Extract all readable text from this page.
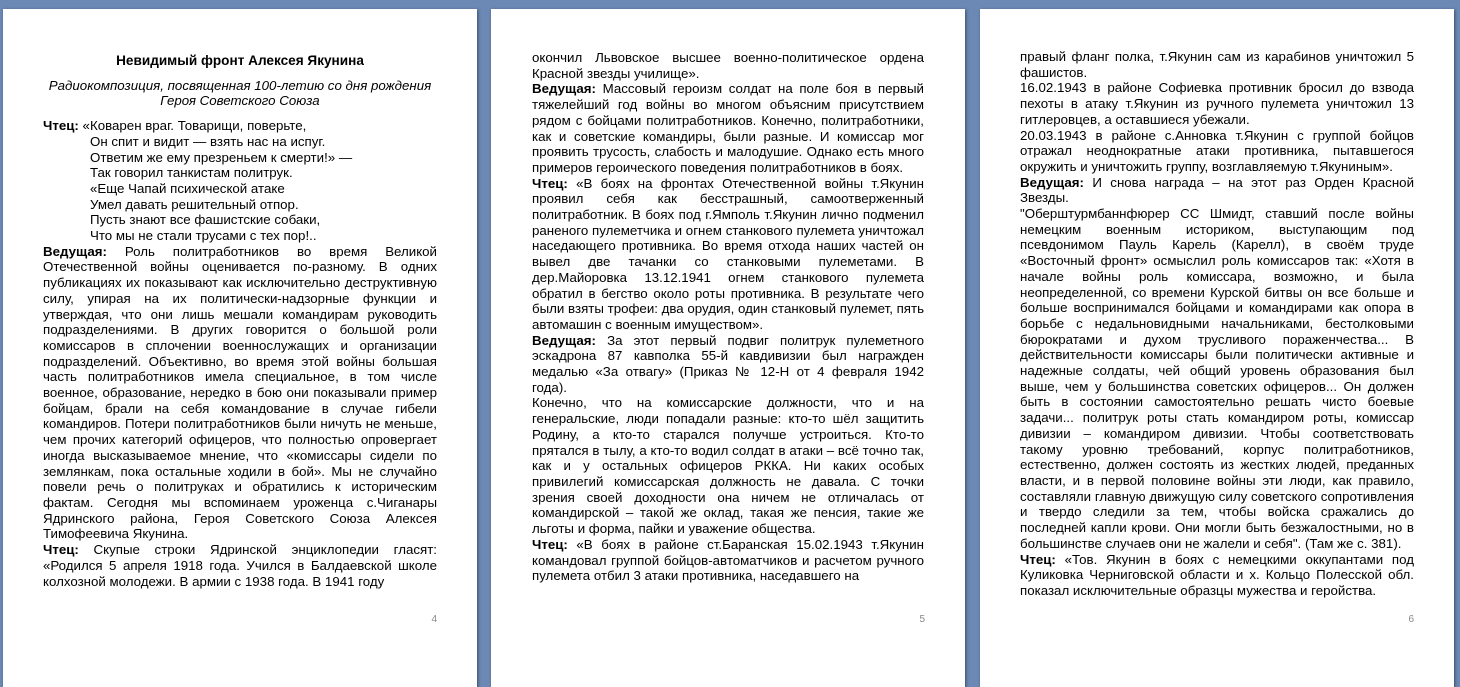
Невидимый фронт Алексея Якунина
Радиокомпозиция, посвященная 100-летию со дня рождения
Героя Советского Союза

Чтец: «Коварен враг. Товарищи, поверьте,

Он спит и видит — взять нас на испуг.

Ответим же ему презреньем к смерти!» —

Так говорил танкистам политрук.

«Еще Чапай психической атаке

Умел давать решительный отпор.

Пусть знают все фашистские собаки,

Что мы не стали трусами с тех пор!..

Ведущая: Роль политработников во время Великой Отечественной войны оценивается по-разному. В одних публикациях их показывают как исключительно деструктивную силу, упирая на их политически-надзорные функции и утверждая, что они лишь мешали командирам руководить подразделениями. В других говорится о большой роли комиссаров в сплочении военнослужащих и организации подразделений. Объективно, во время этой войны большая часть политработников имела специальное, в том числе военное, образование, нередко в бою они показывали пример бойцам, брали на себя командование в случае гибели командиров. Потери политработников были ничуть не меньше, чем прочих категорий офицеров, что полностью опровергает иногда высказываемое мнение, что «комиссары сидели по землянкам, пока остальные ходили в бой». Мы не случайно повели речь о политруках и обратились к историческим фактам. Сегодня мы вспоминаем уроженца с.Чиганары Ядринского района, Героя Советского Союза Алексея Тимофеевича Якунина.

Чтец: Скупые строки Ядринской энциклопедии гласят: «Родился 5 апреля 1918 года. Учился в Балдаевской школе колхозной молодежи. В армии с 1938 года. В 1941 году

4

окончил Львовское высшее военно-политическое ордена Красной звезды училище».

Ведущая: Массовый героизм солдат на поле боя в первый тяжелейший год войны во многом объясним присутствием рядом с бойцами политработников. Конечно, политработники, как и советские командиры, были разные. И комиссар мог проявить трусость, слабость и малодушие. Однако есть много примеров героического поведения политработников в боях.

Чтец: «В боях на фронтах Отечественной войны т.Якунин проявил себя как бесстрашный, самоотверженный политработник. В боях под г.Ямполь т.Якунин лично подменил раненого пулеметчика и огнем станкового пулемета уничтожал наседающего противника. Во время отхода наших частей он вывел две тачанки со станковыми пулеметами. В дер.Майоровка 13.12.1941 огнем станкового пулемета обратил в бегство около роты противника. В результате чего были взяты трофеи: два орудия, один станковый пулемет, пять автомашин с военным имуществом».

Ведущая: За этот первый подвиг политрук пулеметного эскадрона 87 кавполка 55-й кавдивизии был награжден медалью «За отвагу» (Приказ № 12-Н от 4 февраля 1942 года).

Конечно, что на комиссарские должности, что и на генеральские, люди попадали разные: кто-то шёл защитить Родину, а кто-то старался получше устроиться. Кто-то прятался в тылу, а кто-то водил солдат в атаки – всё точно так, как и у остальных офицеров РККА. Ни каких особых привилегий комиссарская должность не давала. С точки зрения своей доходности она ничем не отличалась от командирской – такой же оклад, такая же пенсия, такие же льготы и форма, пайки и уважение общества.

Чтец: «В боях в районе ст.Баранская 15.02.1943 т.Якунин командовал группой бойцов-автоматчиков и расчетом ручного пулемета отбил 3 атаки противника, наседавшего на

5

правый фланг полка, т.Якунин сам из карабинов уничтожил 5 фашистов.

16.02.1943 в районе Софиевка противник бросил до взвода пехоты в атаку т.Якунин из ручного пулемета уничтожил 13 гитлеровцев, а оставшиеся убежали.

20.03.1943 в районе с.Анновка т.Якунин с группой бойцов отражал неоднократные атаки противника, пытавшегося окружить и уничтожить группу, возглавляемую т.Якуниным».

Ведущая: И снова награда – на этот раз Орден Красной Звезды.

"Оберштурмбаннфюрер СС Шмидт, ставший после войны немецким военным историком, выступающим под псевдонимом Пауль Карель (Карелл), в своём труде «Восточный фронт» осмыслил роль комиссаров так: «Хотя в начале войны роль комиссара, возможно, и была неопределенной, со времени Курской битвы он все больше и больше воспринимался бойцами и командирами как опора в борьбе с недальновидными начальниками, бестолковыми бюрократами и духом трусливого пораженчества... В действительности комиссары были политически активные и надежные солдаты, чей общий уровень образования был выше, чем у большинства советских офицеров... Он должен быть в состоянии самостоятельно решать чисто боевые задачи... политрук роты стать командиром роты, комиссар дивизии – командиром дивизии. Чтобы соответствовать такому уровню требований, корпус политработников, естественно, должен состоять из жестких людей, преданных власти, и в первой половине войны эти люди, как правило, составляли главную движущую силу советского сопротивления и твердо следили за тем, чтобы войска сражались до последней капли крови. Они могли быть безжалостными, но в большинстве случаев они не жалели и себя". (Там же с. 381).

Чтец: «Тов. Якунин в боях с немецкими оккупантами под Куликовка Черниговской области и х. Кольцо Полесской обл. показал исключительные образцы мужества и геройства.

6
